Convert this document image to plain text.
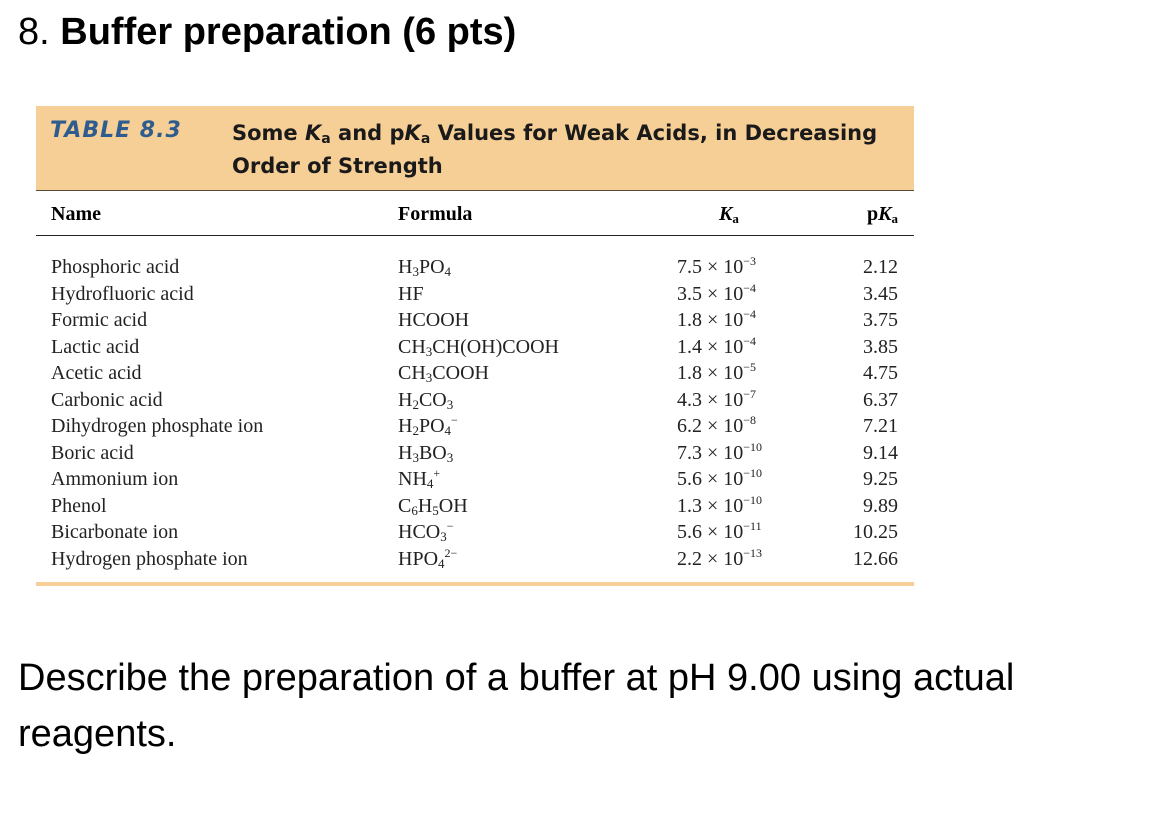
8. Buffer preparation (6 pts)
TABLE 8.3 Some $K_a$ and $pK_a$ Values for Weak Acids, in Decreasing Order of Strength
Name	Formula	$K_a$	$pK_a$
Phosphoric acid	$H_3PO_4$	$7.5 \times 10^{-3}$	2.12
Hydrofluoric acid	HF	$3.5 \times 10^{-4}$	3.45
Formic acid	HCOOH	$1.8 \times 10^{-4}$	3.75
Lactic acid	$CH_3CH(OH)COOH$	$1.4 \times 10^{-4}$	3.85
Acetic acid	$CH_3COOH$	$1.8 \times 10^{-5}$	4.75
Carbonic acid	$H_2CO_3$	$4.3 \times 10^{-7}$	6.37
Dihydrogen phosphate ion	$H_2PO_4^-$	$6.2 \times 10^{-8}$	7.21
Boric acid	$H_3BO_3$	$7.3 \times 10^{-10}$	9.14
Ammonium ion	$NH_4^+$	$5.6 \times 10^{-10}$	9.25
Phenol	$C_6H_5OH$	$1.3 \times 10^{-10}$	9.89
Bicarbonate ion	$HCO_3^-$	$5.6 \times 10^{-11}$	10.25
Hydrogen phosphate ion	$HPO_4^{2-}$	$2.2 \times 10^{-13}$	12.66
Describe the preparation of a buffer at pH 9.00 using actual reagents.
